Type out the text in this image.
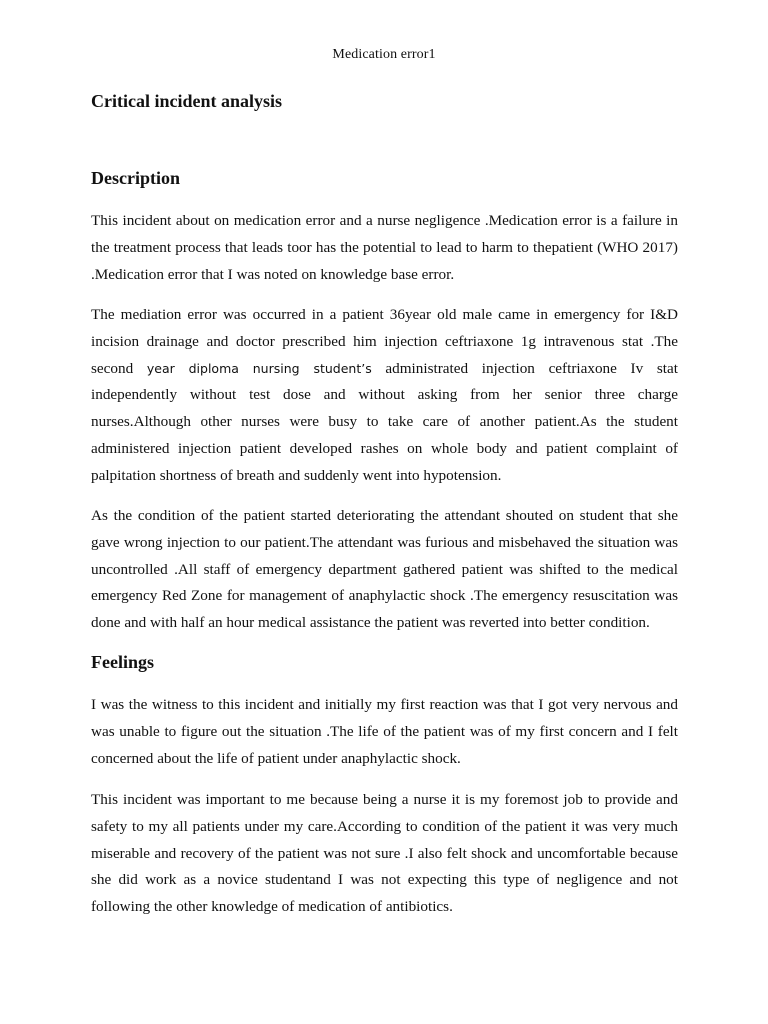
Medication error1
Critical incident analysis
Description

This incident about on medication error and a nurse negligence .Medication error is a failure in the treatment process that leads toor has the potential to lead to harm to thepatient (WHO 2017) .Medication error that I was noted on knowledge base error.

The mediation error was occurred in a patient 36year old male came in emergency for I&D incision drainage and doctor prescribed him injection ceftriaxone 1g intravenous stat .The second year diploma nursing student’s administrated injection ceftriaxone Iv stat independently without test dose and without asking from her senior three charge nurses.Although other nurses were busy to take care of another patient.As the student administered injection patient developed rashes on whole body and patient complaint of palpitation shortness of breath and suddenly went into hypotension.

As the condition of the patient started deteriorating the attendant shouted on student that she gave wrong injection to our patient.The attendant was furious and misbehaved the situation was uncontrolled .All staff of emergency department gathered patient was shifted to the medical emergency Red Zone for management of anaphylactic shock .The emergency resuscitation was done and with half an hour medical assistance the patient was reverted into better condition.

Feelings

I was the witness to this incident and initially my first reaction was that I got very nervous and was unable to figure out the situation .The life of the patient was of my first concern and I felt concerned about the life of patient under anaphylactic shock.

This incident was important to me because being a nurse it is my foremost job to provide and safety to my all patients under my care.According to condition of the patient it was very much miserable and recovery of the patient was not sure .I also felt shock and uncomfortable because she did work as a novice studentand I was not expecting this type of negligence and not following the other knowledge of medication of antibiotics.
